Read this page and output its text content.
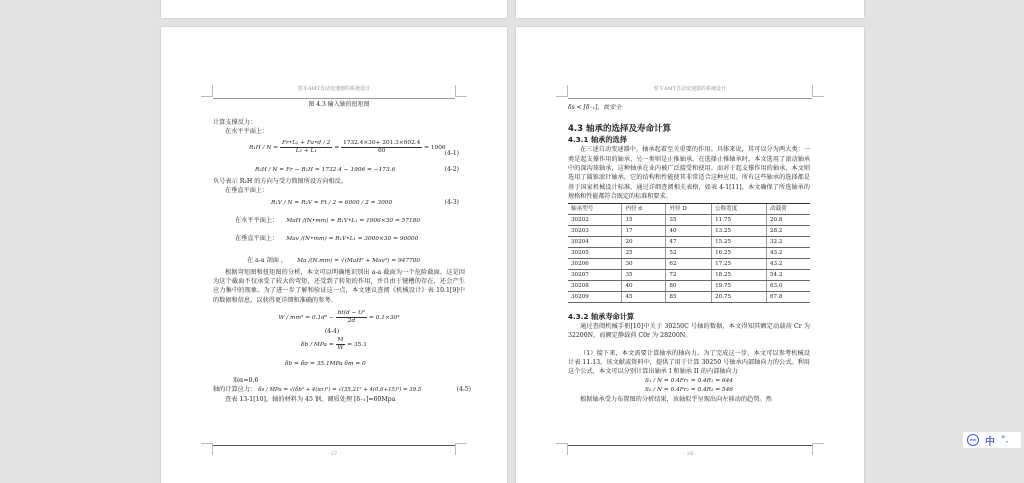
轿车AMT自动变速器的系统设计
图 4.3 输入轴的扭矩图
计算支撑反力：
在水平平面上：
$R_1H / N = \frac{\text{Fr•L₂ + Fa•d / 2}}{\text{L₂ + L₁}} = \frac{1732.4\times 30+ 201.3\times 602.4}{60} = 1906$
(4-1)
R₂H / N = Fr − R₁H = 1732.4 − 1906 = −173.6	(4-2)
负号表示 R₂H 的方向与受力简图所设方向相反。
在垂直平面上：
R₁V / N = R₂V = Ft / 2 = 6000 / 2 = 3000	(4-3)
在水平平面上： MaH /(N•mm) = R₁V•L₁ = 1906×30 = 57180
在垂直平面上： Mav /(N•mm) = R₁V•L₁ = 3000×30 = 90000
在 a-a 剖面 ， Ma /(N.mm) = √(MaH² + Mav²) = 947700
根据弯矩图和扭矩图的分析，本文可以明确地识别出 a-a 截面为一个危险截面。这是因为这个截面不仅承受了较大的弯矩，还受到了转矩的作用，并且由于键槽的存在，还会产生应力集中的现象。为了进一步了解和验证这一点，本文建议查阅《机械设计》表 10.1[9]中的数据和信息，以获得更详细和准确的参考。
$W / mm^3 = 0.1d^3 - \frac{\text{bt(d − t)²}}{2d} = 0.1\times 30^3$
(4-4)
δb / MPa = $\frac{M}{W} = 35.1$
δb = δσ = 35.1MPa δm = 0
取α=0.6
轴的计算应力： δs / MPa = √(δb² + 4(ατ)²) = √(35.21² + 4(0.6+15)²) = 39.5	(4-5)
查表 13-1[10]，轴的材料为 45 钢，调质处理 [δ₋₁]=60Mpa
- 27 -
轿车AMT自动变速器的系统设计
δs < [δ₋₁]，故安全
4.3 轴承的选择及寿命计算
4.3.1 轴承的选择
在三速自动变速器中，轴承起着至关重要的作用。具体来说，其可以分为两大类：一类是起支撑作用的轴承，另一类则是止推轴承。在选择止推轴承时，本文选用了滚动轴承中的深沟球轴承，这种轴承在业内被广泛接受和使用。而对于起支撑作用的轴承，本文则选用了圆锥滚针轴承，它的结构和性能使其非常适合这种应用。所有这些轴承的选择都是基于国家机械设计标准，通过详细查阅相关表格，如表 4-1[11]，本文确保了所选轴承的规格和性能都符合既定的标准和要求。
轴承型号	内径 d	外径 D	公称宽度	动载荷
30202	15	35	11.75	20.8
30203	17	40	13.25	28.2
30204	20	47	15.25	32.2
30205	25	52	16.25	43.2
30206	30	62	17.25	43.2
30207	35	72	18.25	54.2
30208	40	80	19.75	63.0
30209	45	85	20.75	67.8
4.3.2 轴承寿命计算
通过查阅机械手册[10]中关于 30250C 号轴的数据，本文得知其额定动载荷 Cr 为 32200N，而额定静载荷 C0r 为 28200N。
（1）接下来，本文需要计算轴承的轴向力。为了完成这一步，本文可以参考机械设计表 11.13。该文献或资料中，提供了用于计算 30250 号轴承内部轴向力的公式。利用这个公式，本文可以分别计算出轴承 I 和轴承 II 的内部轴向力
S₁ / N = 0.4Fr₁ = 0.4R₁ = 644
S₂ / N = 0.4Fr₂ = 0.4R₂ = 546
根据轴承受力布置图的分析结果，该轴似乎呈现出向左移动的趋势。然
- 28 -
iFLY 中 °,
